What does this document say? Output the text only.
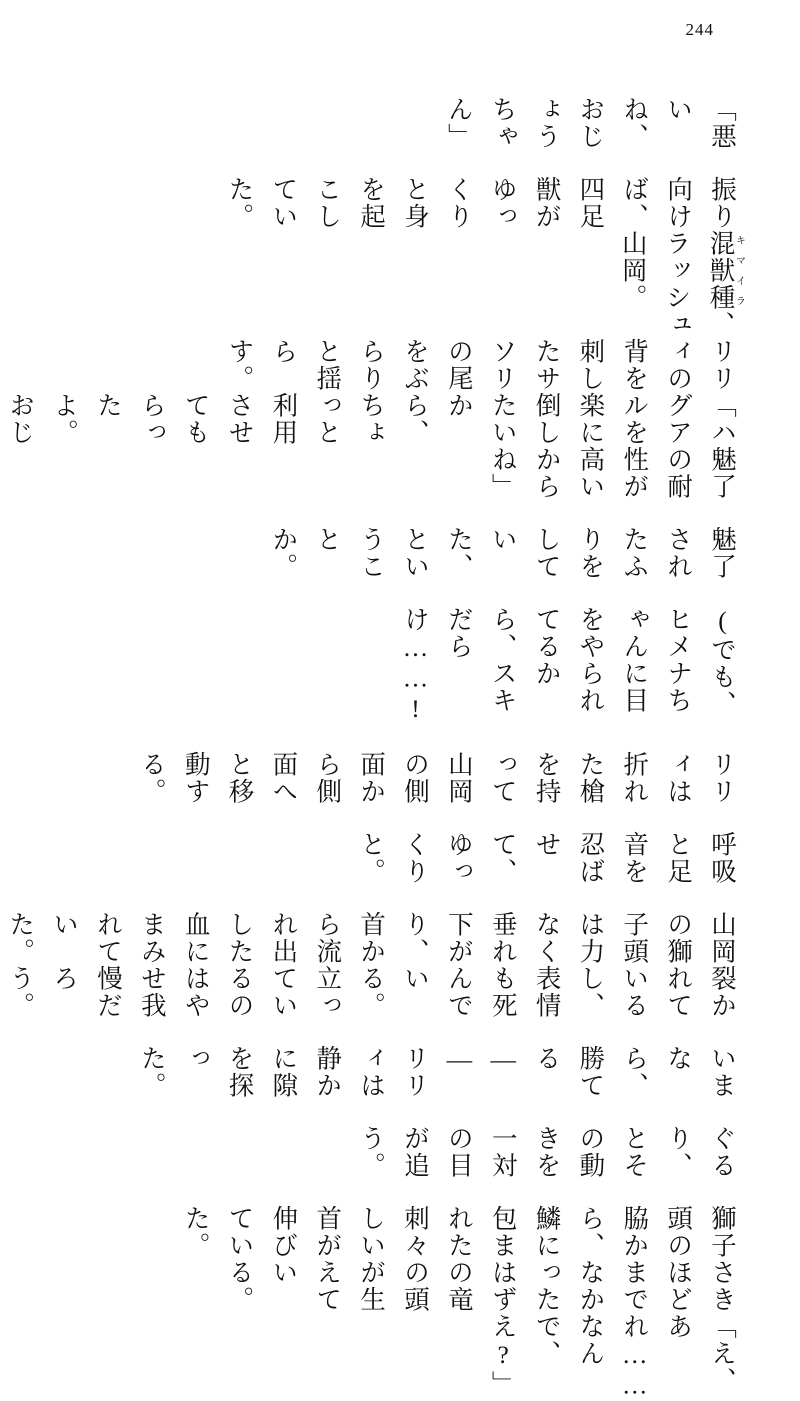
244
「悪いね、おじょうちゃん」
振り向けば、四足獣がゆっくりと身を起こしていた。
混獣種キマイラ、ラッシュ山岡。
リリィの背を刺したサソリの尾をぶらりと揺らす。
「ハグアルを楽に倒したいから、ちょっと利用させてもらったよ。おじ
魅了の耐性が高いからね」
魅了されたふりをしていた、ということか。
(でも、ヒメナちゃんに目をやられてるから、スキだらけ……!
リリィは折れた槍を持って山岡の側面から側面へと移動する。
呼吸と足音を忍ばせて、ゆっくりと。
山岡の獅子頭は力なく垂れ下がり、首から流れ出した血にまみれていた。
裂かれているし、表情も死んでいる。立っているのはやせ我慢だろう。
いまなら、勝てる――リリィは静かに隙を探った。
ぐるり、とその動きを一対の目が追う。
獅子頭の脇から、鱗に包まれた刺々しい首が伸びていた。
さきほどまでなかったはずの竜の頭が生えている。
「え、あれ……なんで、え?」
